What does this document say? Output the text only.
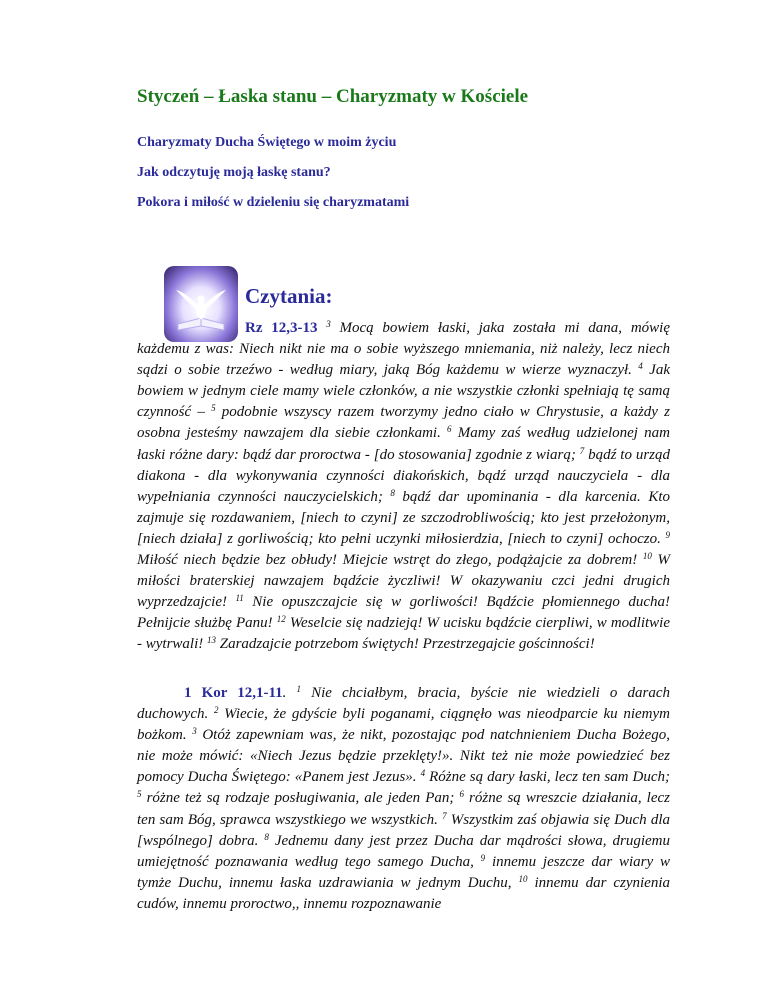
Styczeń – Łaska stanu – Charyzmaty w Kościele

Charyzmaty Ducha Świętego w moim życiu

Jak odczytuję moją łaskę stanu?

Pokora i miłość w dzieleniu się charyzmatami

Czytania:

Rz 12,3-13 $^3$ Mocą bowiem łaski, jaka została mi dana, mówię każdemu z was: Niech nikt nie ma o sobie wyższego mniemania, niż należy, lecz niech sądzi o sobie trzeźwo - według miary, jaką Bóg każdemu w wierze wyznaczył. $^4$ Jak bowiem w jednym ciele mamy wiele członków, a nie wszystkie członki spełniają tę samą czynność – $^5$ podobnie wszyscy razem tworzymy jedno ciało w Chrystusie, a każdy z osobna jesteśmy nawzajem dla siebie członkami. $^6$ Mamy zaś według udzielonej nam łaski różne dary: bądź dar proroctwa - [do stosowania] zgodnie z wiarą; $^7$ bądź to urząd diakona - dla wykonywania czynności diakońskich, bądź urząd nauczyciela - dla wypełniania czynności nauczycielskich; $^8$ bądź dar upominania - dla karcenia. Kto zajmuje się rozdawaniem, [niech to czyni] ze szczodrobliwością; kto jest przełożonym, [niech działa] z gorliwością; kto pełni uczynki miłosierdzia, [niech to czyni] ochoczo. $^9$ Miłość niech będzie bez obłudy! Miejcie wstręt do złego, podążajcie za dobrem! $^{10}$ W miłości braterskiej nawzajem bądźcie życzliwi! W okazywaniu czci jedni drugich wyprzedzajcie! $^{11}$ Nie opuszczajcie się w gorliwości! Bądźcie płomiennego ducha! Pełnijcie służbę Panu! $^{12}$ Weselcie się nadzieją! W ucisku bądźcie cierpliwi, w modlitwie - wytrwali! $^{13}$ Zaradzajcie potrzebom świętych! Przestrzegajcie gościnności!

1 Kor 12,1-11. $^1$ Nie chciałbym, bracia, byście nie wiedzieli o darach duchowych. $^2$ Wiecie, że gdyście byli poganami, ciągnęło was nieodparcie ku niemym bożkom. $^3$ Otóż zapewniam was, że nikt, pozostając pod natchnieniem Ducha Bożego, nie może mówić: «Niech Jezus będzie przeklęty!». Nikt też nie może powiedzieć bez pomocy Ducha Świętego: «Panem jest Jezus». $^4$ Różne są dary łaski, lecz ten sam Duch; $^5$ różne też są rodzaje posługiwania, ale jeden Pan; $^6$ różne są wreszcie działania, lecz ten sam Bóg, sprawca wszystkiego we wszystkich. $^7$ Wszystkim zaś objawia się Duch dla [wspólnego] dobra. $^8$ Jednemu dany jest przez Ducha dar mądrości słowa, drugiemu umiejętność poznawania według tego samego Ducha, $^9$ innemu jeszcze dar wiary w tymże Duchu, innemu łaska uzdrawiania w jednym Duchu, $^{10}$ innemu dar czynienia cudów, innemu proroctwo,, innemu rozpoznawanie
